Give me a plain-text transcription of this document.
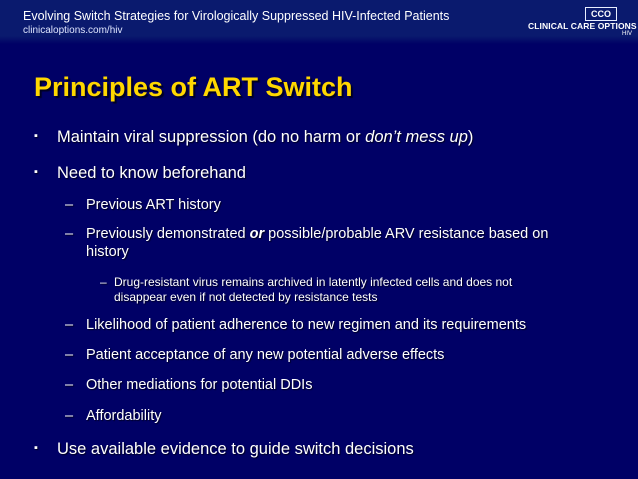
Evolving Switch Strategies for Virologically Suppressed HIV-Infected Patients
clinicaloptions.com/hiv
CCO
CLINICAL CARE OPTIONS
HIV
Principles of ART Switch
▪ Maintain viral suppression (do no harm or don’t mess up)
▪ Need to know beforehand
– Previous ART history
– Previously demonstrated or possible/probable ARV resistance based on
history
– Drug-resistant virus remains archived in latently infected cells and does not
disappear even if not detected by resistance tests
– Likelihood of patient adherence to new regimen and its requirements
– Patient acceptance of any new potential adverse effects
– Other mediations for potential DDIs
– Affordability
▪ Use available evidence to guide switch decisions
